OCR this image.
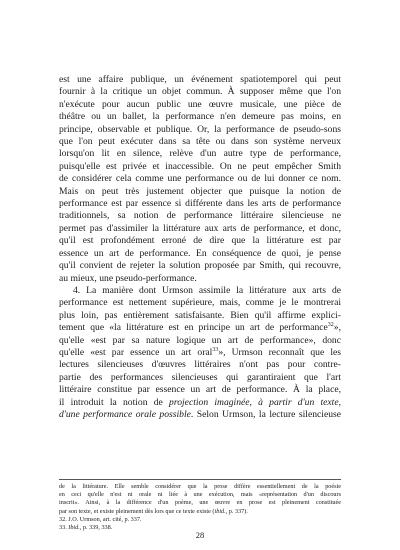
est une affaire publique, un événement spatiotemporel qui peut
fournir à la critique un objet commun. À supposer même que l'on
n'exécute pour aucun public une œuvre musicale, une pièce de
théâtre ou un ballet, la performance n'en demeure pas moins, en
principe, observable et publique. Or, la performance de pseudo-sons
que l'on peut exécuter dans sa tête ou dans son système nerveux
lorsqu'on lit en silence, relève d'un autre type de performance,
puisqu'elle est privée et inaccessible. On ne peut empêcher Smith
de considérer cela comme une performance ou de lui donner ce nom.
Mais on peut très justement objecter que puisque la notion de
performance est par essence si différente dans les arts de performance
traditionnels, sa notion de performance littéraire silencieuse ne
permet pas d'assimiler la littérature aux arts de performance, et donc,
qu'il est profondément erroné de dire que la littérature est par
essence un art de performance. En conséquence de quoi, je pense
qu'il convient de rejeter la solution proposée par Smith, qui recouvre,
au mieux, une pseudo-performance.
4. La manière dont Urmson assimile la littérature aux arts de
performance est nettement supérieure, mais, comme je le montrerai
plus loin, pas entièrement satisfaisante. Bien qu'il affirme explici-
tement que «la littérature est en principe un art de performance$^{32}$»,
qu'elle «est par sa nature logique un art de performance», donc
qu'elle «est par essence un art oral$^{33}$», Urmson reconnaît que les
lectures silencieuses d'œuvres littéraires n'ont pas pour contre-
partie des performances silencieuses qui garantiraient que l'art
littéraire constitue par essence un art de performance. À la place,
il introduit la notion de projection imaginée, à partir d'un texte,
d'une performance orale possible. Selon Urmson, la lecture silencieuse
de la littérature. Elle semble considérer que la prose diffère essentiellement de la poésie
en ceci qu'elle n'est ni orale ni liée à une exécution, mais «représentation d'un discours
inscrit». Ainsi, à la différence d'un poème, une œuvre en prose est pleinement constituée
par son texte, et existe pleinement dès lors que ce texte existe (ibid., p. 337).
32. J.O. Urmson, art. cité, p. 337.
33. Ibid., p. 339, 338.
28
